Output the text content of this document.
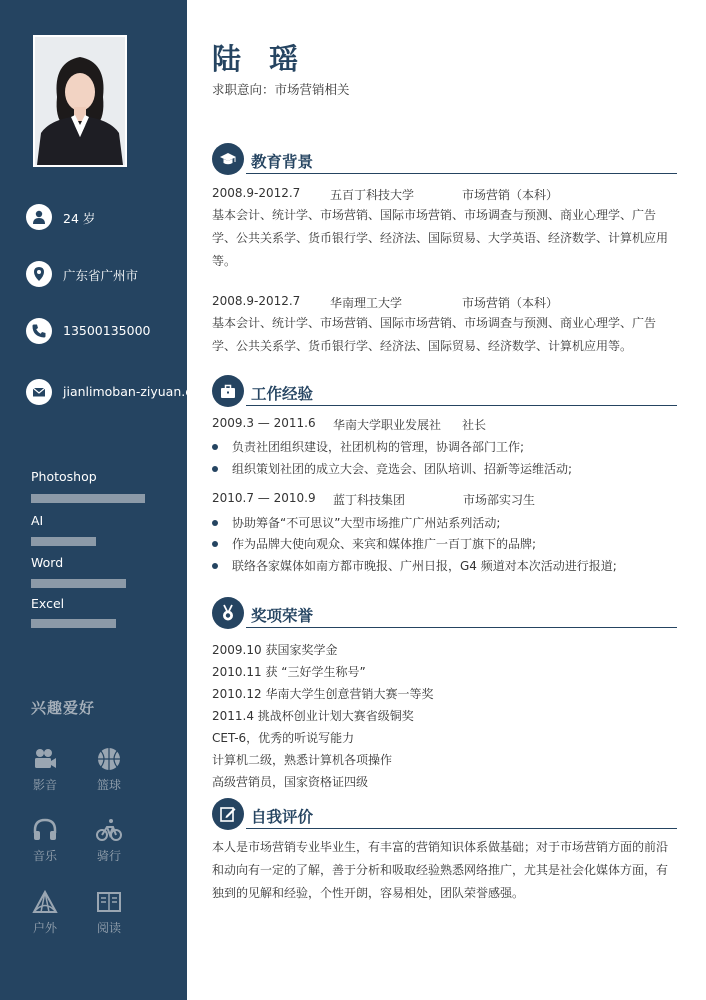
24 岁
广东省广州市
13500135000
jianlimoban-ziyuan.com
Photoshop
AI
Word
Excel
兴趣爱好
影音	篮球
音乐	骑行
户外	阅读
陆 瑶
求职意向：市场营销相关
教育背景
2008.9-2012.7 五百丁科技大学	市场营销（本科）
基本会计、统计学、市场营销、国际市场营销、市场调查与预测、商业心理学、广告学、公共关系学、货币银行学、经济法、国际贸易、大学英语、经济数学、计算机应用等。
2008.9-2012.7 华南理工大学	市场营销（本科）
基本会计、统计学、市场营销、国际市场营销、市场调查与预测、商业心理学、广告学、公共关系学、货币银行学、经济法、国际贸易、经济数学、计算机应用等。
工作经验
2009.3 — 2011.6 华南大学职业发展社 社长
负责社团组织建设，社团机构的管理，协调各部门工作;
组织策划社团的成立大会、竞选会、团队培训、招新等运维活动;
2010.7 — 2010.9 蓝丁科技集团	市场部实习生
协助筹备“不可思议”大型市场推广广州站系列活动;
作为品牌大使向观众、来宾和媒体推广一百丁旗下的品牌;
联络各家媒体如南方都市晚报、广州日报，G4 频道对本次活动进行报道;
奖项荣誉
2009.10 获国家奖学金
2010.11 获 “三好学生称号”
2010.12 华南大学生创意营销大赛一等奖
2011.4 挑战杯创业计划大赛省级铜奖
CET-6，优秀的听说写能力
计算机二级，熟悉计算机各项操作
高级营销员，国家资格证四级
自我评价
本人是市场营销专业毕业生，有丰富的营销知识体系做基础；对于市场营销方面的前沿和动向有一定的了解，善于分析和吸取经验熟悉网络推广，尤其是社会化媒体方面，有独到的见解和经验，个性开朗，容易相处，团队荣誉感强。
